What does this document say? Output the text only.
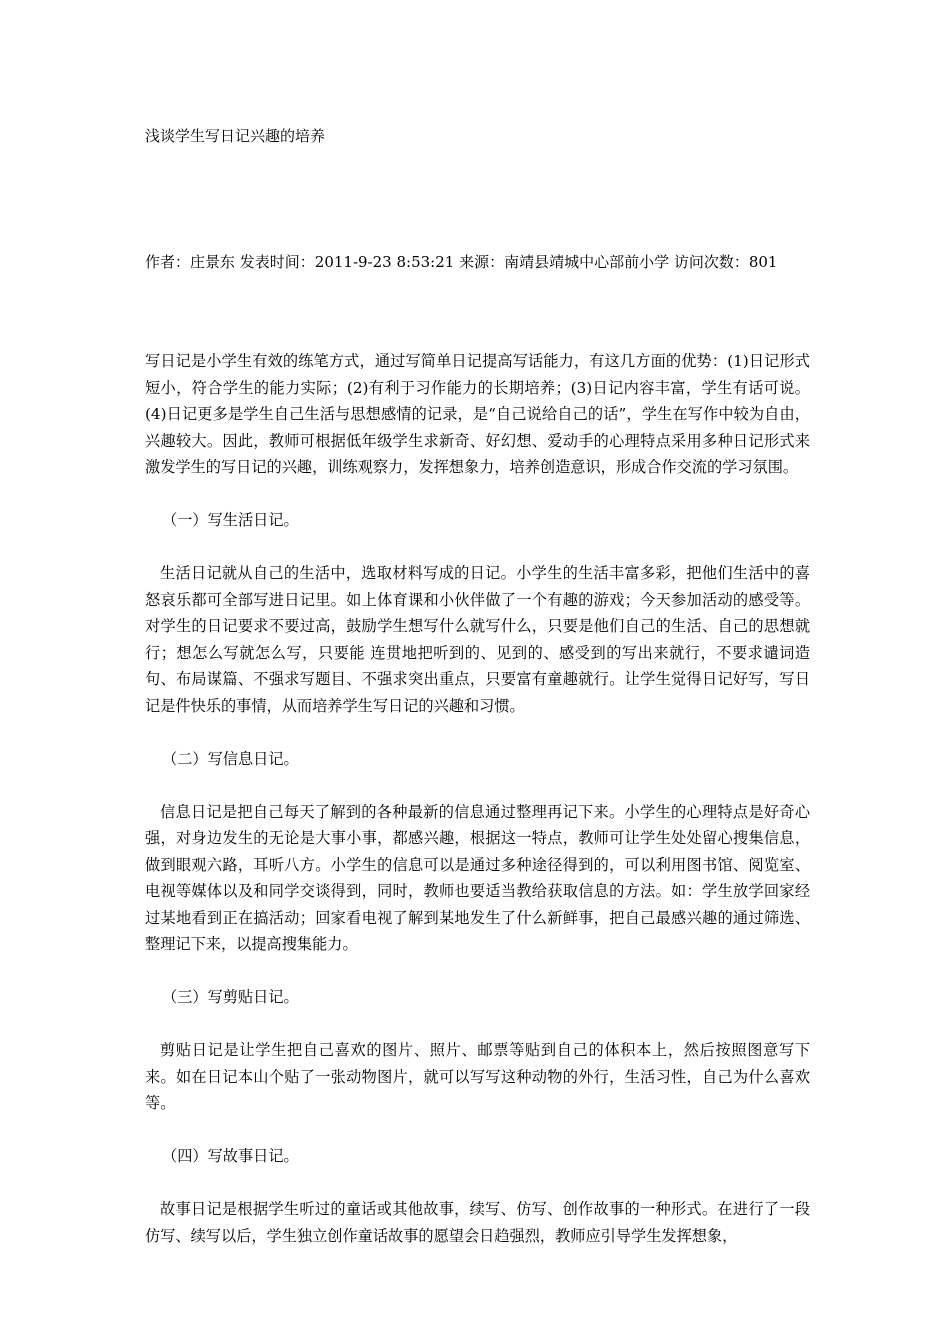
浅谈学生写日记兴趣的培养
作者：庄景东 发表时间：2011-9-23 8:53:21 来源：南靖县靖城中心部前小学 访问次数：801

写日记是小学生有效的练笔方式，通过写简单日记提高写话能力，有这几方面的优势：(1)日记形式短小，符合学生的能力实际；(2)有利于习作能力的长期培养；(3)日记内容丰富，学生有话可说。(4)日记更多是学生自己生活与思想感情的记录，是“自己说给自己的话”，学生在写作中较为自由，兴趣较大。因此，教师可根据低年级学生求新奇、好幻想、爱动手的心理特点采用多种日记形式来激发学生的写日记的兴趣，训练观察力，发挥想象力，培养创造意识，形成合作交流的学习氛围。

（一）写生活日记。

生活日记就从自己的生活中，选取材料写成的日记。小学生的生活丰富多彩，把他们生活中的喜怒哀乐都可全部写进日记里。如上体育课和小伙伴做了一个有趣的游戏；今天参加活动的感受等。对学生的日记要求不要过高，鼓励学生想写什么就写什么，只要是他们自己的生活、自己的思想就行；想怎么写就怎么写，只要能 连贯地把听到的、见到的、感受到的写出来就行，不要求谴词造句、布局谋篇、不强求写题目、不强求突出重点，只要富有童趣就行。让学生觉得日记好写，写日记是件快乐的事情，从而培养学生写日记的兴趣和习惯。

（二）写信息日记。

信息日记是把自己每天了解到的各种最新的信息通过整理再记下来。小学生的心理特点是好奇心强，对身边发生的无论是大事小事，都感兴趣，根据这一特点，教师可让学生处处留心搜集信息，做到眼观六路，耳听八方。小学生的信息可以是通过多种途径得到的，可以利用图书馆、阅览室、电视等媒体以及和同学交谈得到，同时，教师也要适当教给获取信息的方法。如：学生放学回家经过某地看到正在搞活动；回家看电视了解到某地发生了什么新鲜事，把自己最感兴趣的通过筛选、整理记下来，以提高搜集能力。

（三）写剪贴日记。

剪贴日记是让学生把自己喜欢的图片、照片、邮票等贴到自己的体积本上，然后按照图意写下来。如在日记本山个贴了一张动物图片，就可以写写这种动物的外行，生活习性，自己为什么喜欢等。

（四）写故事日记。

故事日记是根据学生听过的童话或其他故事，续写、仿写、创作故事的一种形式。在进行了一段仿写、续写以后，学生独立创作童话故事的愿望会日趋强烈，教师应引导学生发挥想象，
